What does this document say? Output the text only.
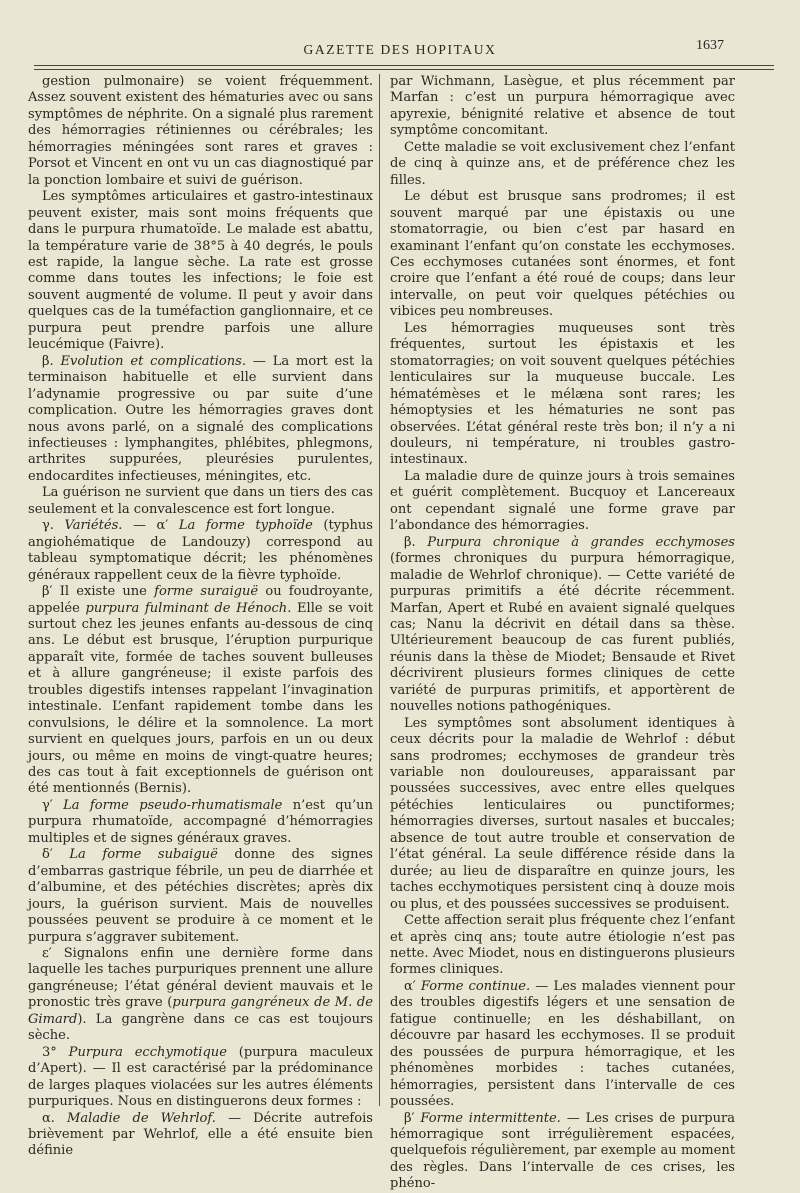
GAZETTE DES HOPITAUX	1637

gestion pulmonaire) se voient fréquemment. Assez souvent existent des hématuries avec ou sans symptômes de néphrite. On a signalé plus rarement des hémorragies rétiniennes ou cérébrales; les hémorragies méningées sont rares et graves : Porsot et Vincent en ont vu un cas diagnostiqué par la ponction lombaire et suivi de guérison.

Les symptômes articulaires et gastro-intestinaux peuvent exister, mais sont moins fréquents que dans le purpura rhumatoïde. Le malade est abattu, la température varie de 38°5 à 40 degrés, le pouls est rapide, la langue sèche. La rate est grosse comme dans toutes les infections; le foie est souvent augmenté de volume. Il peut y avoir dans quelques cas de la tuméfaction ganglionnaire, et ce purpura peut prendre parfois une allure leucémique (Faivre).

β. Evolution et complications. — La mort est la terminaison habituelle et elle survient dans l’adynamie progressive ou par suite d’une complication. Outre les hémorragies graves dont nous avons parlé, on a signalé des complications infectieuses : lymphangites, phlébites, phlegmons, arthrites suppurées, pleurésies purulentes, endocardites infectieuses, méningites, etc.

La guérison ne survient que dans un tiers des cas seulement et la convalescence est fort longue.

γ. Variétés. — α′ La forme typhoïde (typhus angiohématique de Landouzy) correspond au tableau symptomatique décrit; les phénomènes généraux rappellent ceux de la fièvre typhoïde.

β′ Il existe une forme suraiguë ou foudroyante, appelée purpura fulminant de Hénoch. Elle se voit surtout chez les jeunes enfants au-dessous de cinq ans. Le début est brusque, l’éruption purpurique apparaît vite, formée de taches souvent bulleuses et à allure gangréneuse; il existe parfois des troubles digestifs intenses rappelant l’invagination intestinale. L’enfant rapidement tombe dans les convulsions, le délire et la somnolence. La mort survient en quelques jours, parfois en un ou deux jours, ou même en moins de vingt-quatre heures; des cas tout à fait exceptionnels de guérison ont été mentionnés (Bernis).

γ′ La forme pseudo-rhumatismale n’est qu’un purpura rhumatoïde, accompagné d’hémorragies multiples et de signes généraux graves.

δ′ La forme subaiguë donne des signes d’embarras gastrique fébrile, un peu de diarrhée et d’albumine, et des pétéchies discrètes; après dix jours, la guérison survient. Mais de nouvelles poussées peuvent se produire à ce moment et le purpura s’aggraver subitement.

ε′ Signalons enfin une dernière forme dans laquelle les taches purpuriques prennent une allure gangréneuse; l’état général devient mauvais et le pronostic très grave (purpura gangréneux de M. de Gimard). La gangrène dans ce cas est toujours sèche.

3° Purpura ecchymotique (purpura maculeux d’Apert). — Il est caractérisé par la prédominance de larges plaques violacées sur les autres éléments purpuriques. Nous en distinguerons deux formes :

α. Maladie de Wehrlof. — Décrite autrefois brièvement par Wehrlof, elle a été ensuite bien définie

par Wichmann, Lasègue, et plus récemment par Marfan : c’est un purpura hémorragique avec apyrexie, bénignité relative et absence de tout symptôme concomitant.

Cette maladie se voit exclusivement chez l’enfant de cinq à quinze ans, et de préférence chez les filles.

Le début est brusque sans prodromes; il est souvent marqué par une épistaxis ou une stomatorragie, ou bien c’est par hasard en examinant l’enfant qu’on constate les ecchymoses. Ces ecchymoses cutanées sont énormes, et font croire que l’enfant a été roué de coups; dans leur intervalle, on peut voir quelques pétéchies ou vibices peu nombreuses.

Les hémorragies muqueuses sont très fréquentes, surtout les épistaxis et les stomatorragies; on voit souvent quelques pétéchies lenticulaires sur la muqueuse buccale. Les hématémèses et le mélæna sont rares; les hémoptysies et les hématuries ne sont pas observées. L’état général reste très bon; il n’y a ni douleurs, ni température, ni troubles gastro-intestinaux.

La maladie dure de quinze jours à trois semaines et guérit complètement. Bucquoy et Lancereaux ont cependant signalé une forme grave par l’abondance des hémorragies.

β. Purpura chronique à grandes ecchymoses (formes chroniques du purpura hémorragique, maladie de Wehrlof chronique). — Cette variété de purpuras primitifs a été décrite récemment. Marfan, Apert et Rubé en avaient signalé quelques cas; Nanu la décrivit en détail dans sa thèse. Ultérieurement beaucoup de cas furent publiés, réunis dans la thèse de Miodet; Bensaude et Rivet décrivirent plusieurs formes cliniques de cette variété de purpuras primitifs, et apportèrent de nouvelles notions pathogéniques.

Les symptômes sont absolument identiques à ceux décrits pour la maladie de Wehrlof : début sans prodromes; ecchymoses de grandeur très variable non douloureuses, apparaissant par poussées successives, avec entre elles quelques pétéchies lenticulaires ou punctiformes; hémorragies diverses, surtout nasales et buccales; absence de tout autre trouble et conservation de l’état général. La seule différence réside dans la durée; au lieu de disparaître en quinze jours, les taches ecchymotiques persistent cinq à douze mois ou plus, et des poussées successives se produisent.

Cette affection serait plus fréquente chez l’enfant et après cinq ans; toute autre étiologie n’est pas nette. Avec Miodet, nous en distinguerons plusieurs formes cliniques.

α′ Forme continue. — Les malades viennent pour des troubles digestifs légers et une sensation de fatigue continuelle; en les déshabillant, on découvre par hasard les ecchymoses. Il se produit des poussées de purpura hémorragique, et les phénomènes morbides : taches cutanées, hémorragies, persistent dans l’intervalle de ces poussées.

β′ Forme intermittente. — Les crises de purpura hémorragique sont irrégulièrement espacées, quelquefois régulièrement, par exemple au moment des règles. Dans l’intervalle de ces crises, les phéno-
